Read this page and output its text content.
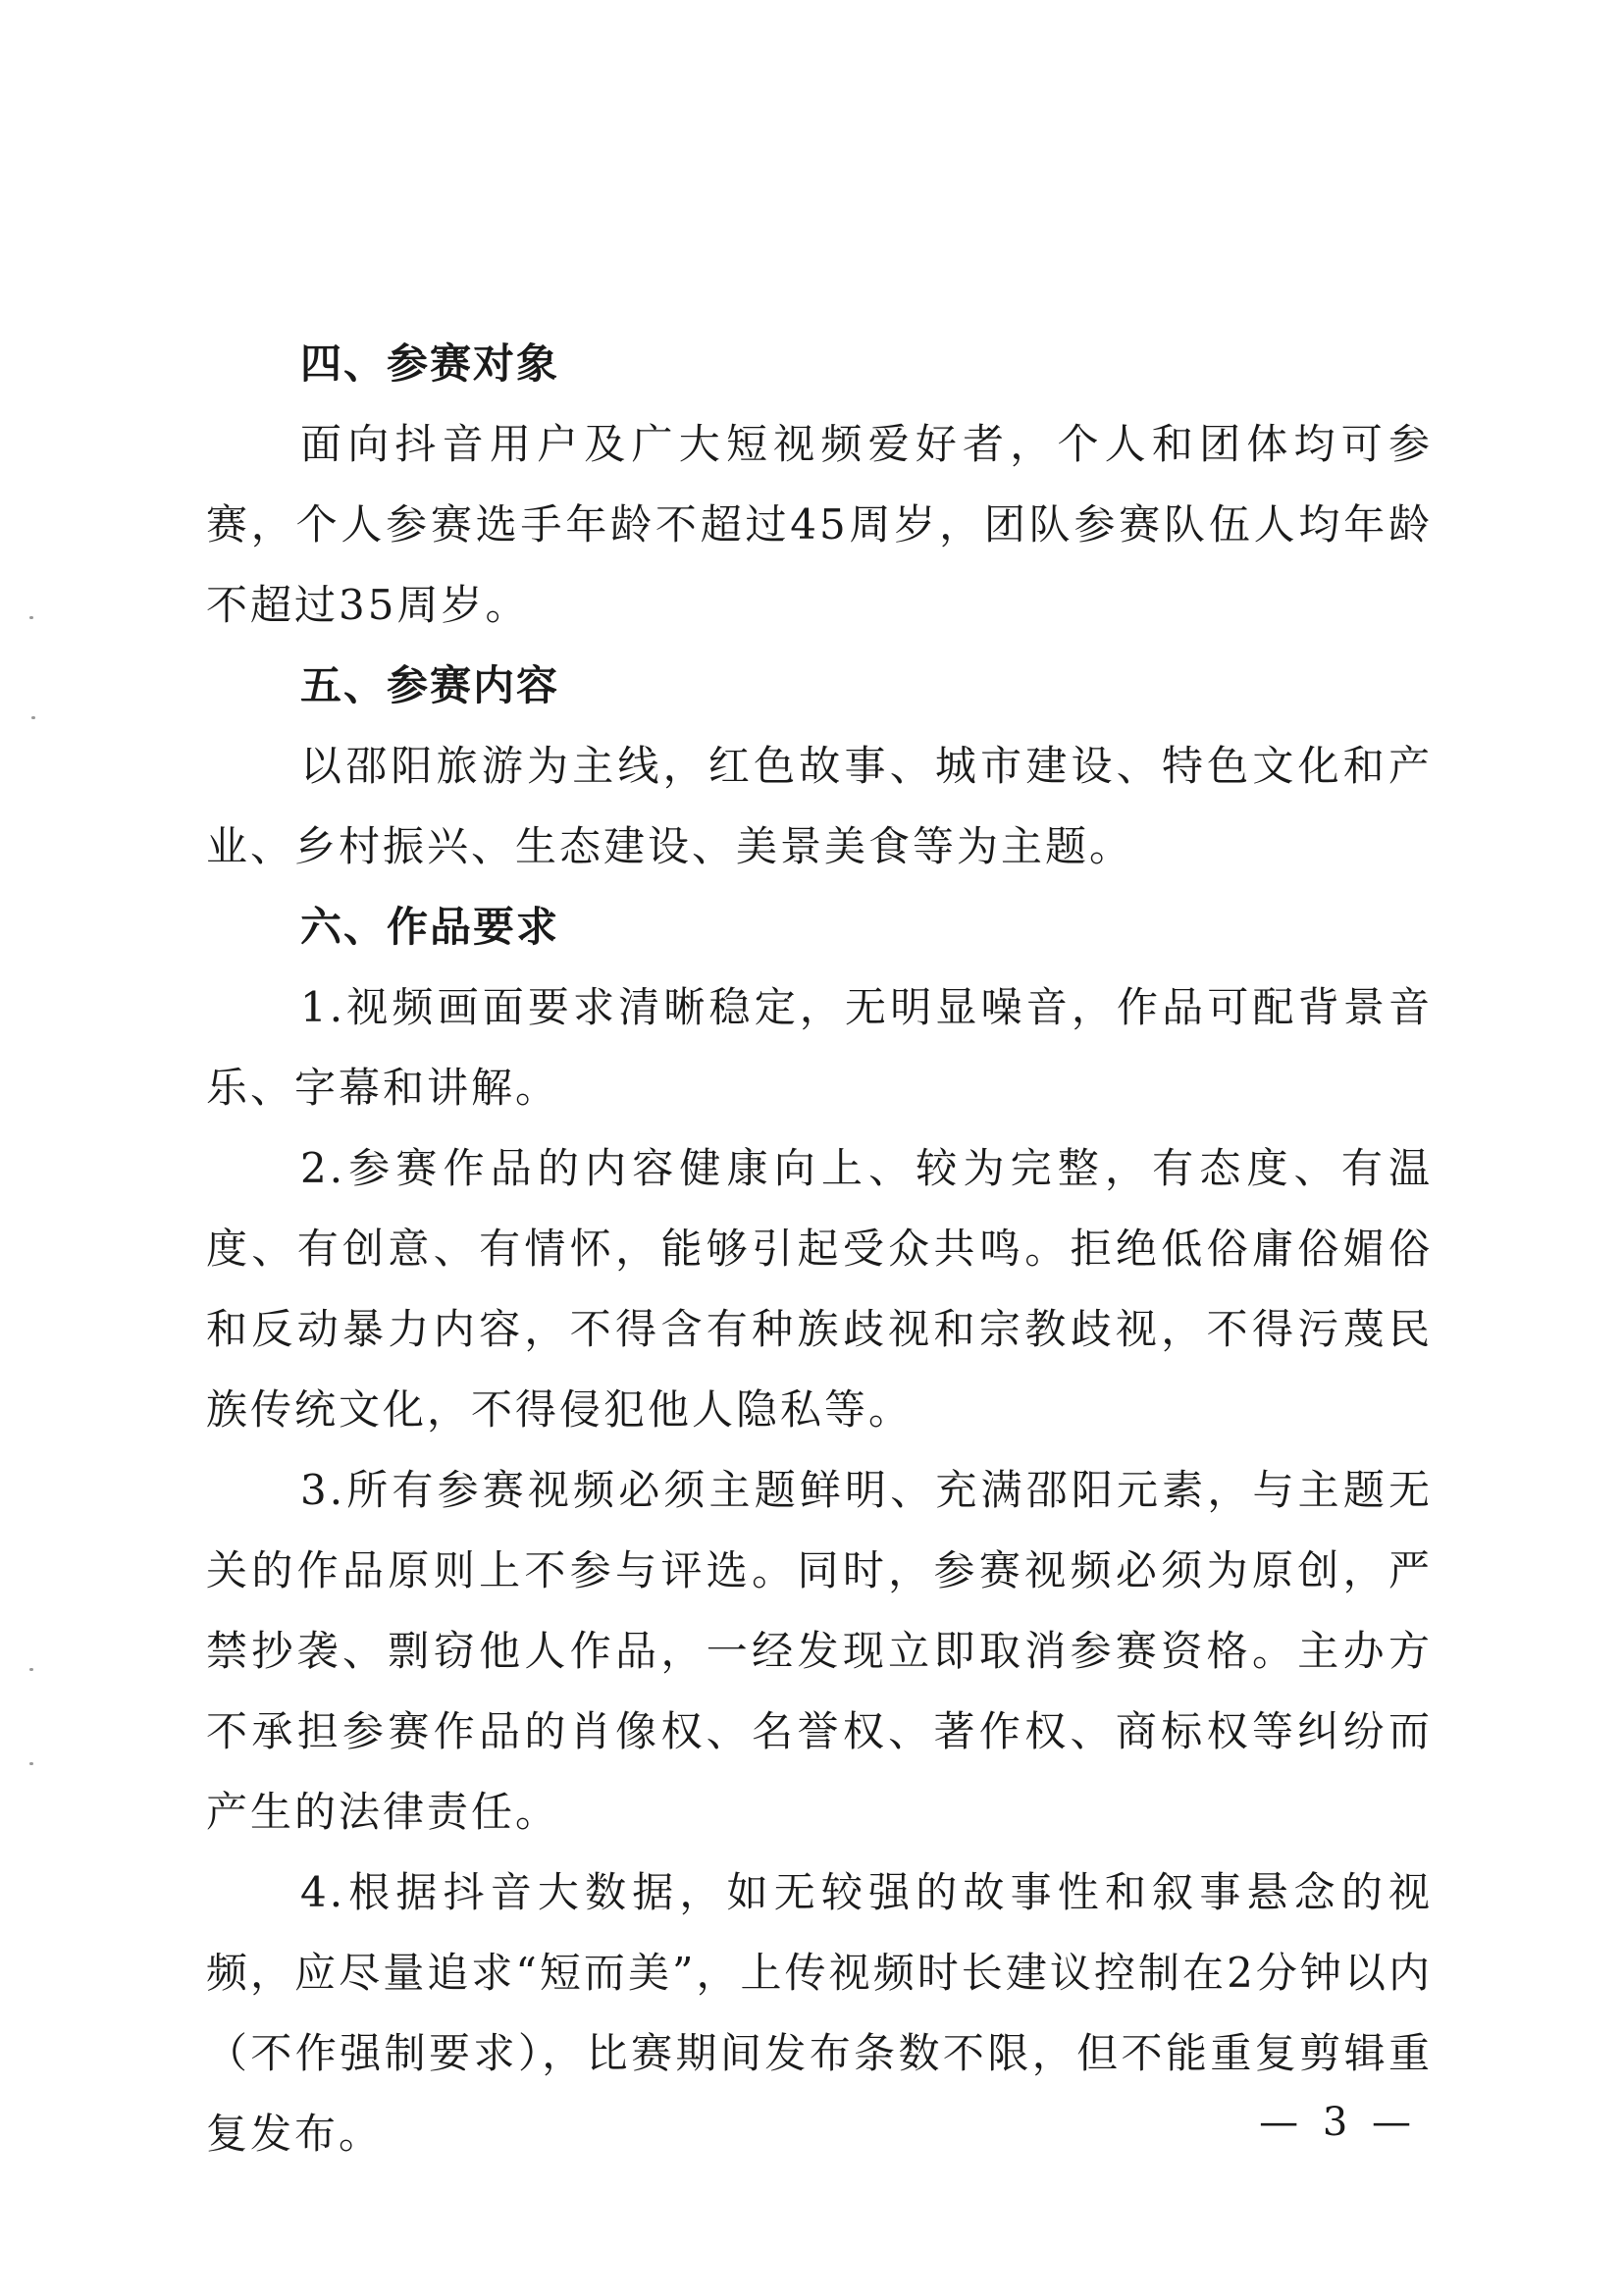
四、参赛对象

面向抖音用户及广大短视频爱好者，个人和团体均可参赛，个人参赛选手年龄不超过45周岁，团队参赛队伍人均年龄不超过35周岁。

五、参赛内容

以邵阳旅游为主线，红色故事、城市建设、特色文化和产业、乡村振兴、生态建设、美景美食等为主题。

六、作品要求

1.视频画面要求清晰稳定，无明显噪音，作品可配背景音乐、字幕和讲解。

2.参赛作品的内容健康向上、较为完整，有态度、有温度、有创意、有情怀，能够引起受众共鸣。拒绝低俗庸俗媚俗和反动暴力内容，不得含有种族歧视和宗教歧视，不得污蔑民族传统文化，不得侵犯他人隐私等。

3.所有参赛视频必须主题鲜明、充满邵阳元素，与主题无关的作品原则上不参与评选。同时，参赛视频必须为原创，严禁抄袭、剽窃他人作品，一经发现立即取消参赛资格。主办方不承担参赛作品的肖像权、名誉权、著作权、商标权等纠纷而产生的法律责任。

4.根据抖音大数据，如无较强的故事性和叙事悬念的视频，应尽量追求“短而美”，上传视频时长建议控制在2分钟以内（不作强制要求），比赛期间发布条数不限，但不能重复剪辑重复发布。	— 3 —
